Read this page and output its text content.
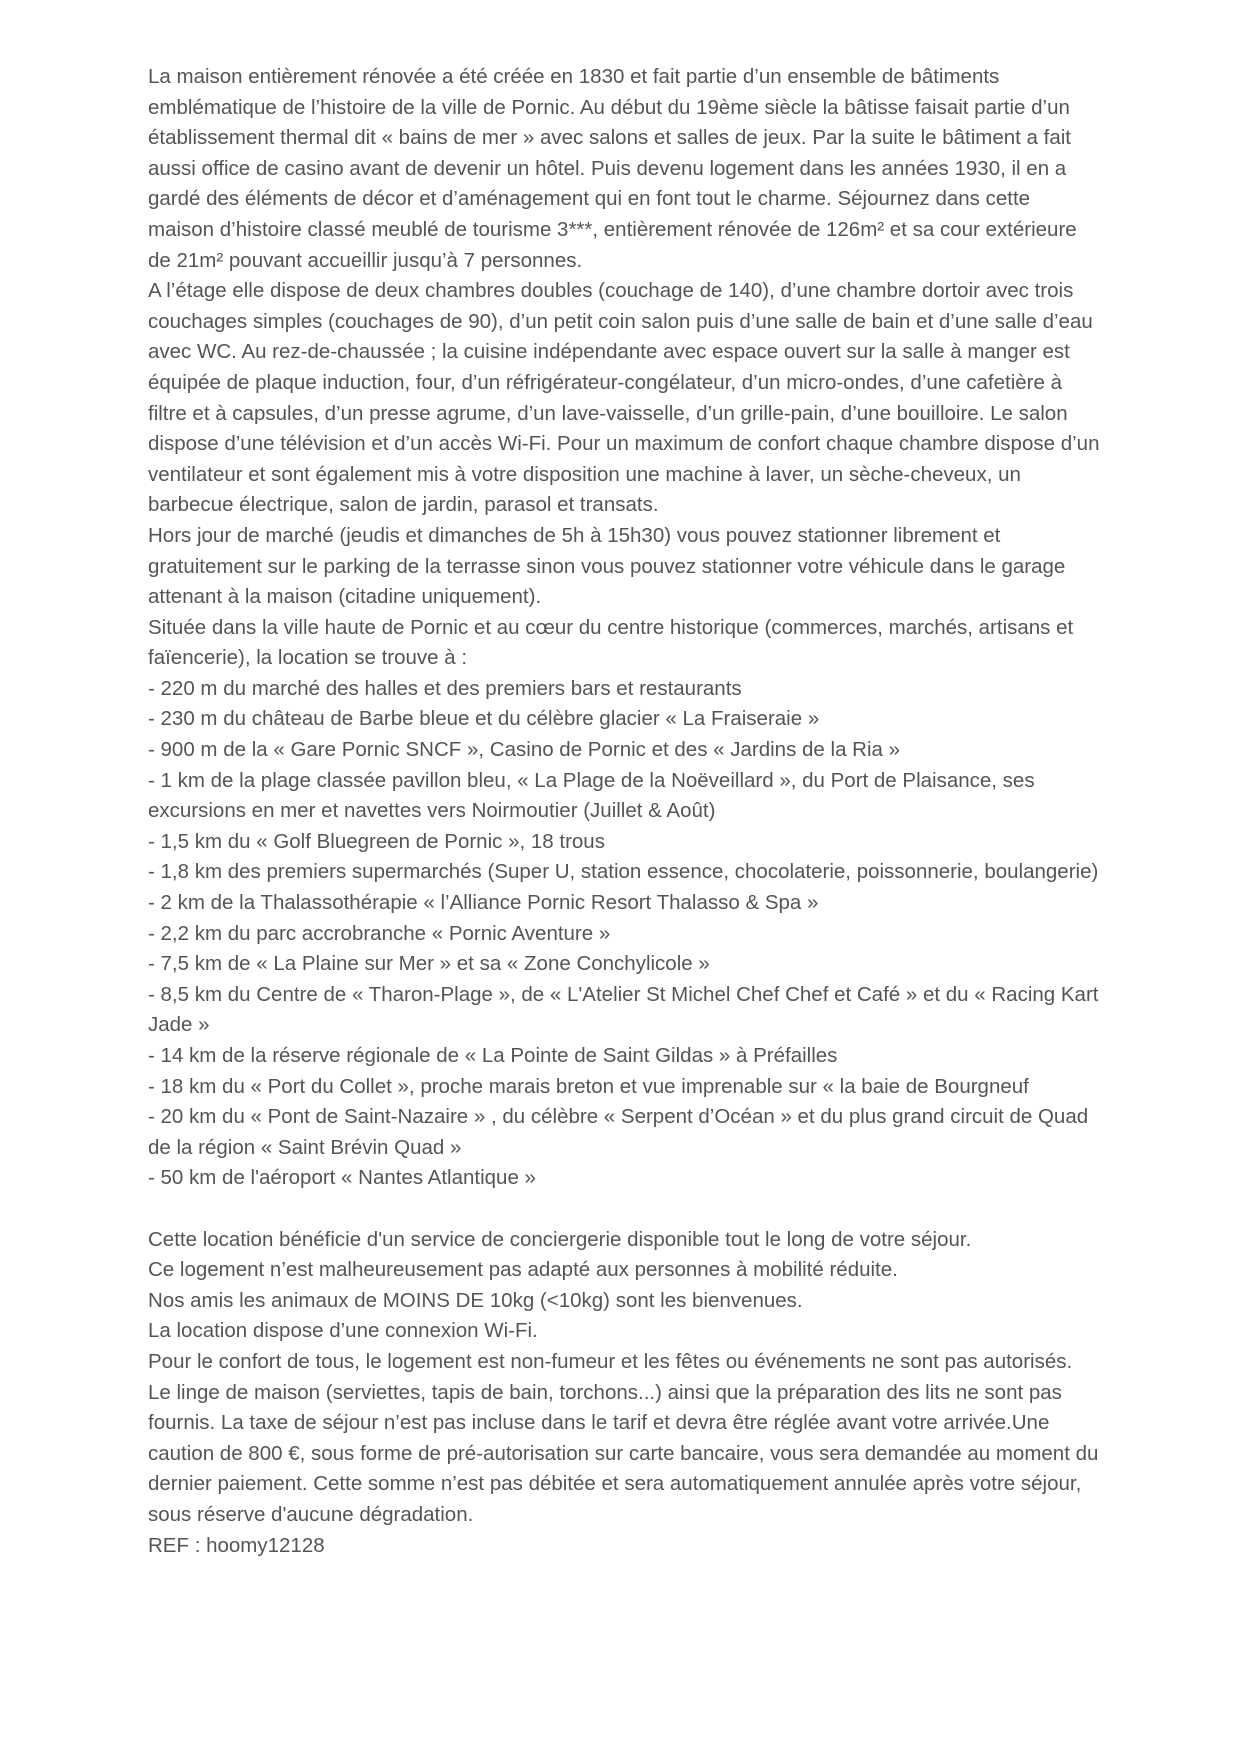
La maison entièrement rénovée a été créée en 1830 et fait partie d’un ensemble de bâtiments emblématique de l’histoire de la ville de Pornic. Au début du 19ème siècle la bâtisse faisait partie d’un établissement thermal dit « bains de mer » avec salons et salles de jeux. Par la suite le bâtiment a fait aussi office de casino avant de devenir un hôtel. Puis devenu logement dans les années 1930, il en a gardé des éléments de décor et d’aménagement qui en font tout le charme. Séjournez dans cette maison d’histoire classé meublé de tourisme 3***, entièrement rénovée de 126m² et sa cour extérieure de 21m² pouvant accueillir jusqu’à 7 personnes.

A l’étage elle dispose de deux chambres doubles (couchage de 140), d’une chambre dortoir avec trois couchages simples (couchages de 90), d’un petit coin salon puis d’une salle de bain et d’une salle d’eau avec WC. Au rez-de-chaussée ; la cuisine indépendante avec espace ouvert sur la salle à manger est équipée de plaque induction, four, d’un réfrigérateur-congélateur, d’un micro-ondes, d’une cafetière à filtre et à capsules, d’un presse agrume, d’un lave-vaisselle, d’un grille-pain, d’une bouilloire. Le salon dispose d’une télévision et d’un accès Wi-Fi. Pour un maximum de confort chaque chambre dispose d’un ventilateur et sont également mis à votre disposition une machine à laver, un sèche-cheveux, un barbecue électrique, salon de jardin, parasol et transats.

Hors jour de marché (jeudis et dimanches de 5h à 15h30) vous pouvez stationner librement et gratuitement sur le parking de la terrasse sinon vous pouvez stationner votre véhicule dans le garage attenant à la maison (citadine uniquement).

Située dans la ville haute de Pornic et au cœur du centre historique (commerces, marchés, artisans et faïencerie), la location se trouve à :

- 220 m du marché des halles et des premiers bars et restaurants
- 230 m du château de Barbe bleue et du célèbre glacier « La Fraiseraie »
- 900 m de la « Gare Pornic SNCF », Casino de Pornic et des « Jardins de la Ria »
- 1 km de la plage classée pavillon bleu, « La Plage de la Noëveillard », du Port de Plaisance, ses excursions en mer et navettes vers Noirmoutier (Juillet & Août)
- 1,5 km du « Golf Bluegreen de Pornic », 18 trous
- 1,8 km des premiers supermarchés (Super U, station essence, chocolaterie, poissonnerie, boulangerie)
- 2 km de la Thalassothérapie « l’Alliance Pornic Resort Thalasso & Spa »
- 2,2 km du parc accrobranche « Pornic Aventure »
- 7,5 km de « La Plaine sur Mer » et sa « Zone Conchylicole »
- 8,5 km du Centre de « Tharon-Plage », de « L'Atelier St Michel Chef Chef et Café » et du « Racing Kart Jade »
- 14 km de la réserve régionale de « La Pointe de Saint Gildas » à Préfailles
- 18 km du « Port du Collet », proche marais breton et vue imprenable sur « la baie de Bourgneuf
- 20 km du « Pont de Saint-Nazaire » , du célèbre « Serpent d’Océan » et du plus grand circuit de Quad de la région « Saint Brévin Quad »
- 50 km de l'aéroport « Nantes Atlantique »

Cette location bénéficie d'un service de conciergerie disponible tout le long de votre séjour.

Ce logement n’est malheureusement pas adapté aux personnes à mobilité réduite.

Nos amis les animaux de MOINS DE 10kg (<10kg) sont les bienvenues.

La location dispose d’une connexion Wi-Fi.

Pour le confort de tous, le logement est non-fumeur et les fêtes ou événements ne sont pas autorisés. Le linge de maison (serviettes, tapis de bain, torchons...) ainsi que la préparation des lits ne sont pas fournis. La taxe de séjour n’est pas incluse dans le tarif et devra être réglée avant votre arrivée.Une caution de 800 €, sous forme de pré-autorisation sur carte bancaire, vous sera demandée au moment du dernier paiement. Cette somme n’est pas débitée et sera automatiquement annulée après votre séjour, sous réserve d'aucune dégradation.

REF : hoomy12128
